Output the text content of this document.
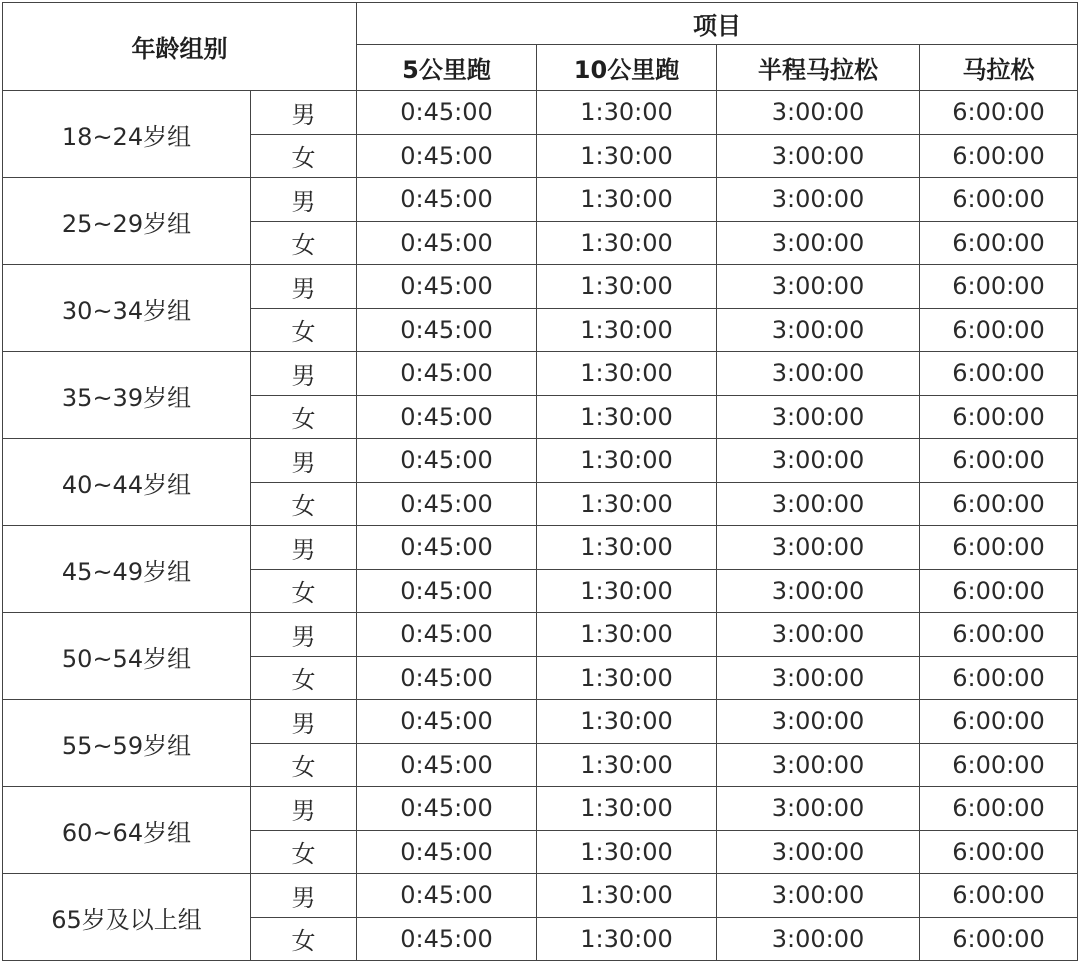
年龄组别		项目			
		5公里跑	10公里跑	半程马拉松	马拉松
18~24岁组	男	0:45:00	1:30:00	3:00:00	6:00:00
	女	0:45:00	1:30:00	3:00:00	6:00:00
25~29岁组	男	0:45:00	1:30:00	3:00:00	6:00:00
	女	0:45:00	1:30:00	3:00:00	6:00:00
30~34岁组	男	0:45:00	1:30:00	3:00:00	6:00:00
	女	0:45:00	1:30:00	3:00:00	6:00:00
35~39岁组	男	0:45:00	1:30:00	3:00:00	6:00:00
	女	0:45:00	1:30:00	3:00:00	6:00:00
40~44岁组	男	0:45:00	1:30:00	3:00:00	6:00:00
	女	0:45:00	1:30:00	3:00:00	6:00:00
45~49岁组	男	0:45:00	1:30:00	3:00:00	6:00:00
	女	0:45:00	1:30:00	3:00:00	6:00:00
50~54岁组	男	0:45:00	1:30:00	3:00:00	6:00:00
	女	0:45:00	1:30:00	3:00:00	6:00:00
55~59岁组	男	0:45:00	1:30:00	3:00:00	6:00:00
	女	0:45:00	1:30:00	3:00:00	6:00:00
60~64岁组	男	0:45:00	1:30:00	3:00:00	6:00:00
	女	0:45:00	1:30:00	3:00:00	6:00:00
65岁及以上组	男	0:45:00	1:30:00	3:00:00	6:00:00
	女	0:45:00	1:30:00	3:00:00	6:00:00
